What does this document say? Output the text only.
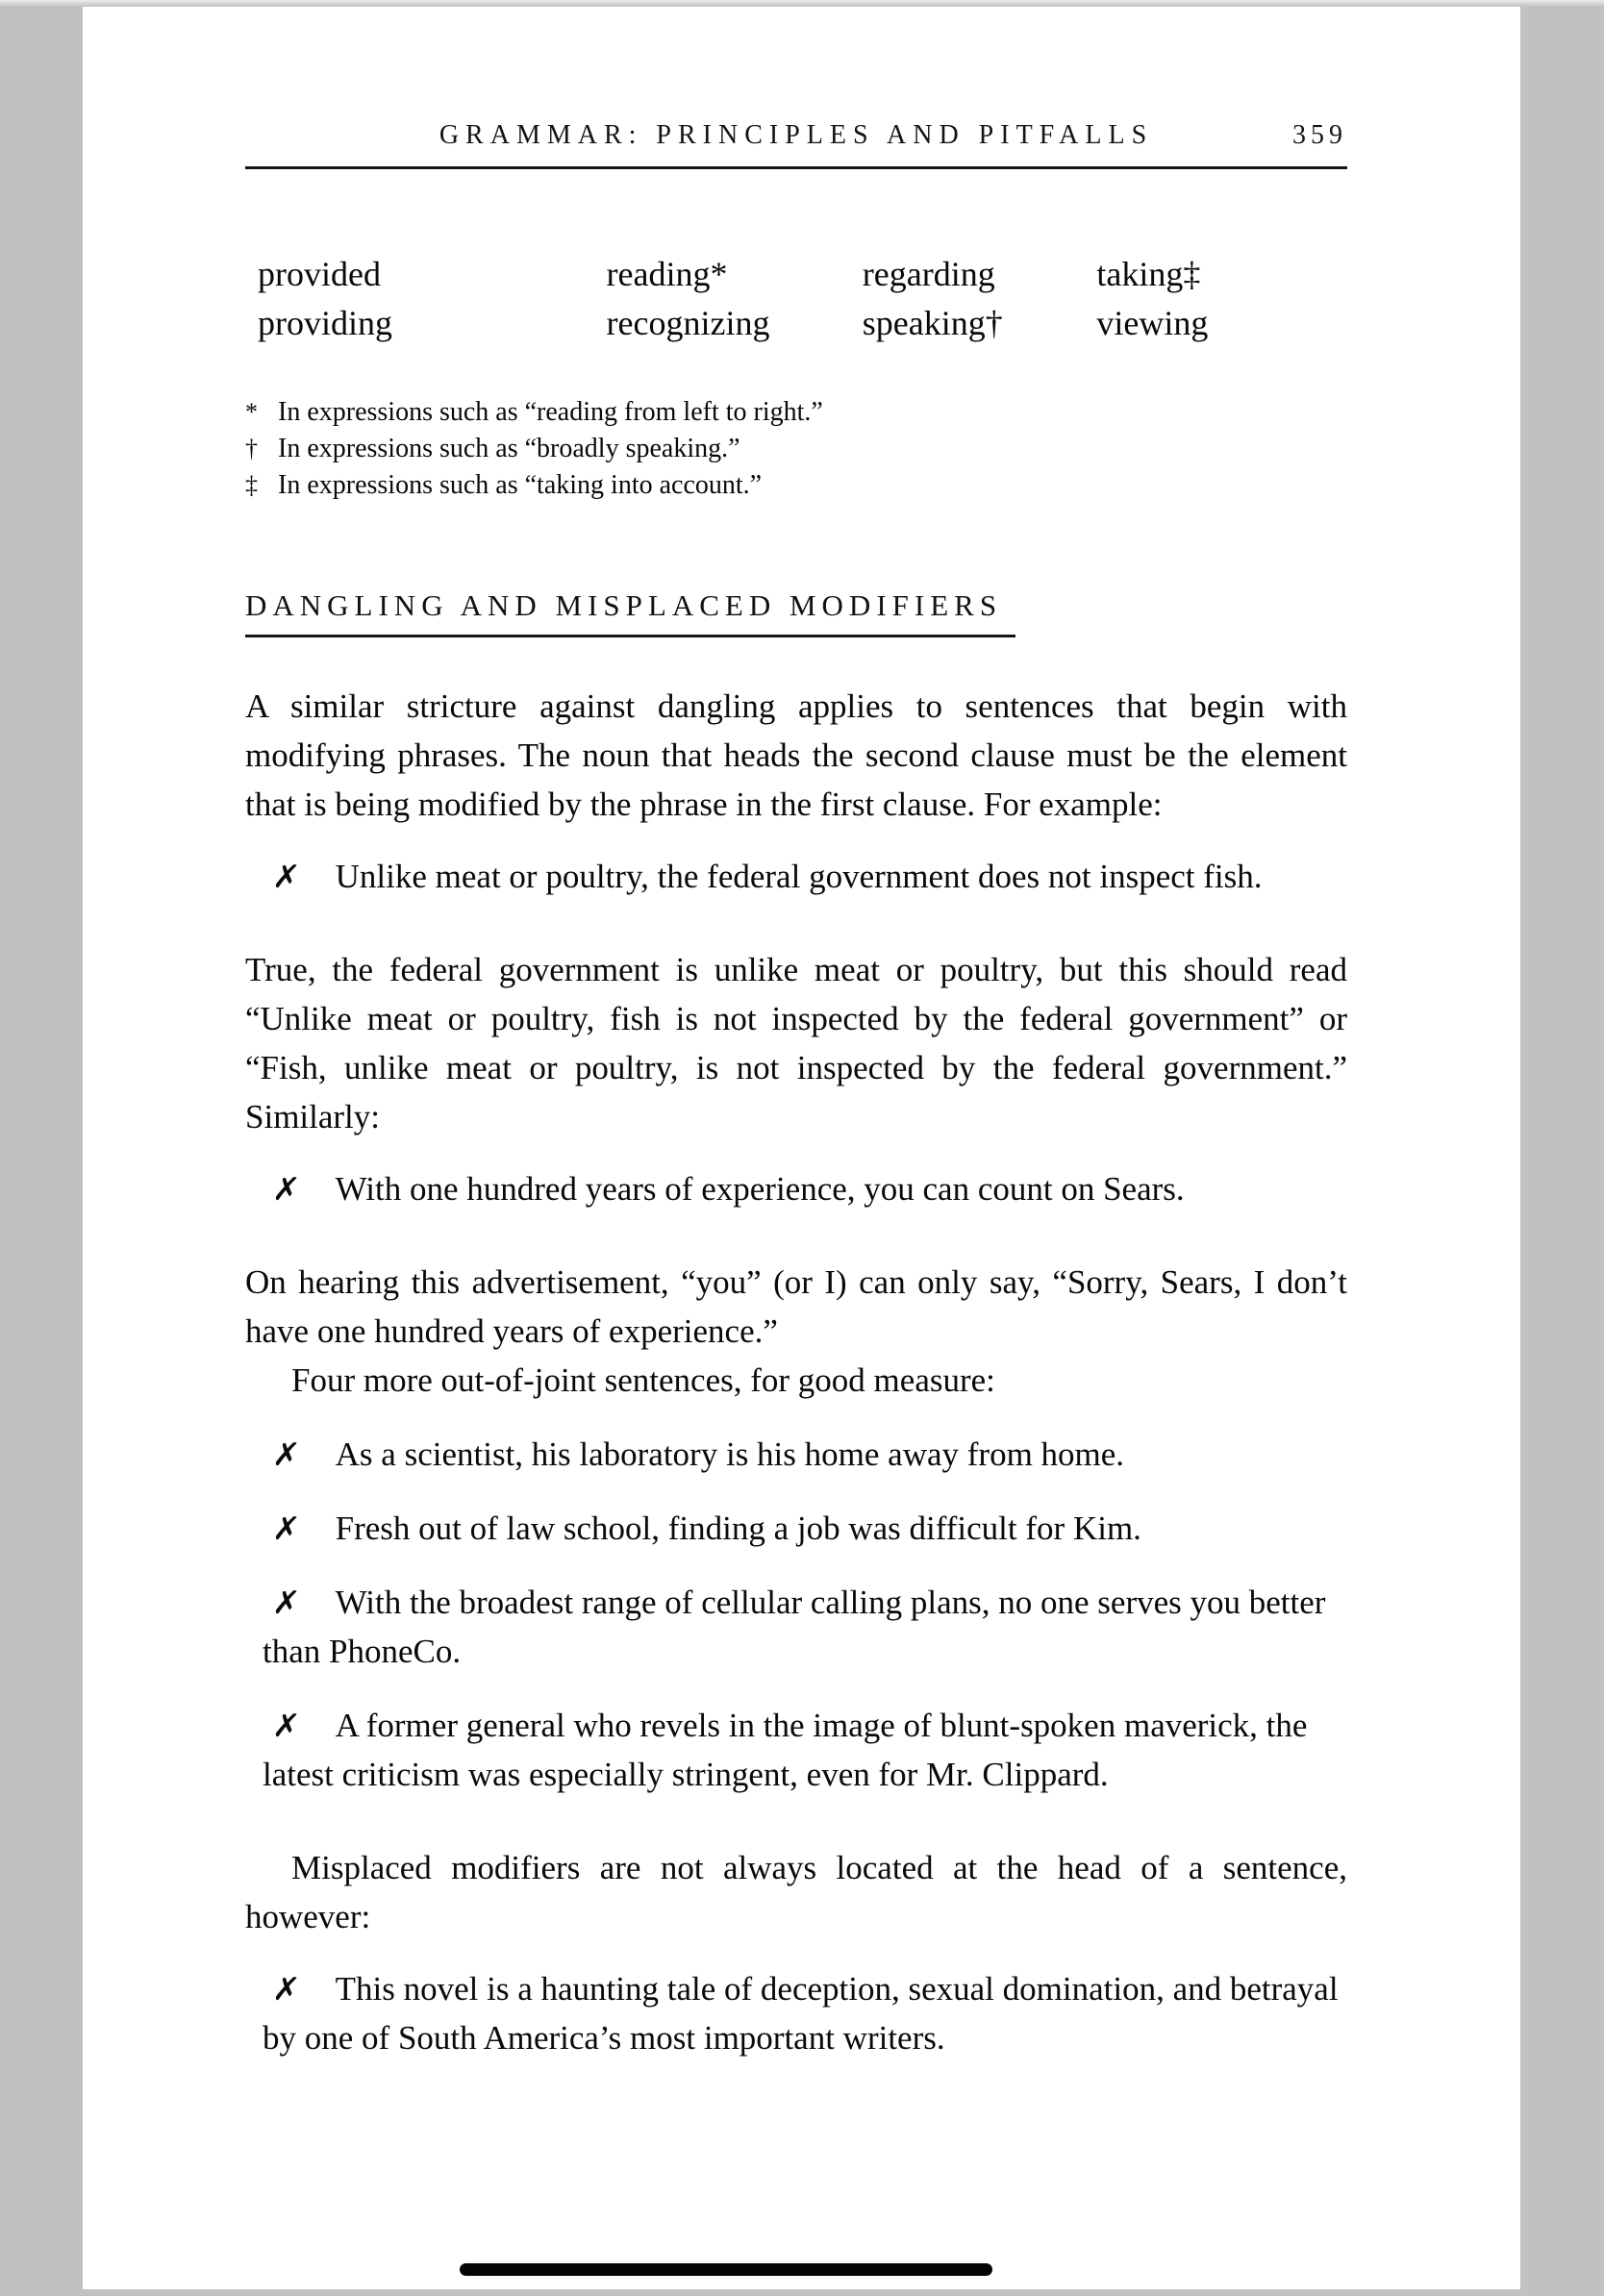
GRAMMAR: PRINCIPLES AND PITFALLS	359
provided	reading*	regarding	taking‡
providing	recognizing	speaking†	viewing
* In expressions such as “reading from left to right.”
† In expressions such as “broadly speaking.”
‡ In expressions such as “taking into account.”
DANGLING AND MISPLACED MODIFIERS

A similar stricture against dangling applies to sentences that begin with modifying phrases. The noun that heads the second clause must be the element that is being modified by the phrase in the first clause. For example:

✗ Unlike meat or poultry, the federal government does not inspect fish.

True, the federal government is unlike meat or poultry, but this should read “Unlike meat or poultry, fish is not inspected by the federal government” or “Fish, unlike meat or poultry, is not inspected by the federal government.” Similarly:

✗ With one hundred years of experience, you can count on Sears.

On hearing this advertisement, “you” (or I) can only say, “Sorry, Sears, I don’t have one hundred years of experience.”

Four more out-of-joint sentences, for good measure:

✗ As a scientist, his laboratory is his home away from home.
✗ Fresh out of law school, finding a job was difficult for Kim.
✗ With the broadest range of cellular calling plans, no one serves you better than PhoneCo.
✗ A former general who revels in the image of blunt-spoken maverick, the latest criticism was especially stringent, even for Mr. Clippard.

Misplaced modifiers are not always located at the head of a sentence, however:

✗ This novel is a haunting tale of deception, sexual domination, and betrayal by one of South America’s most important writers.
